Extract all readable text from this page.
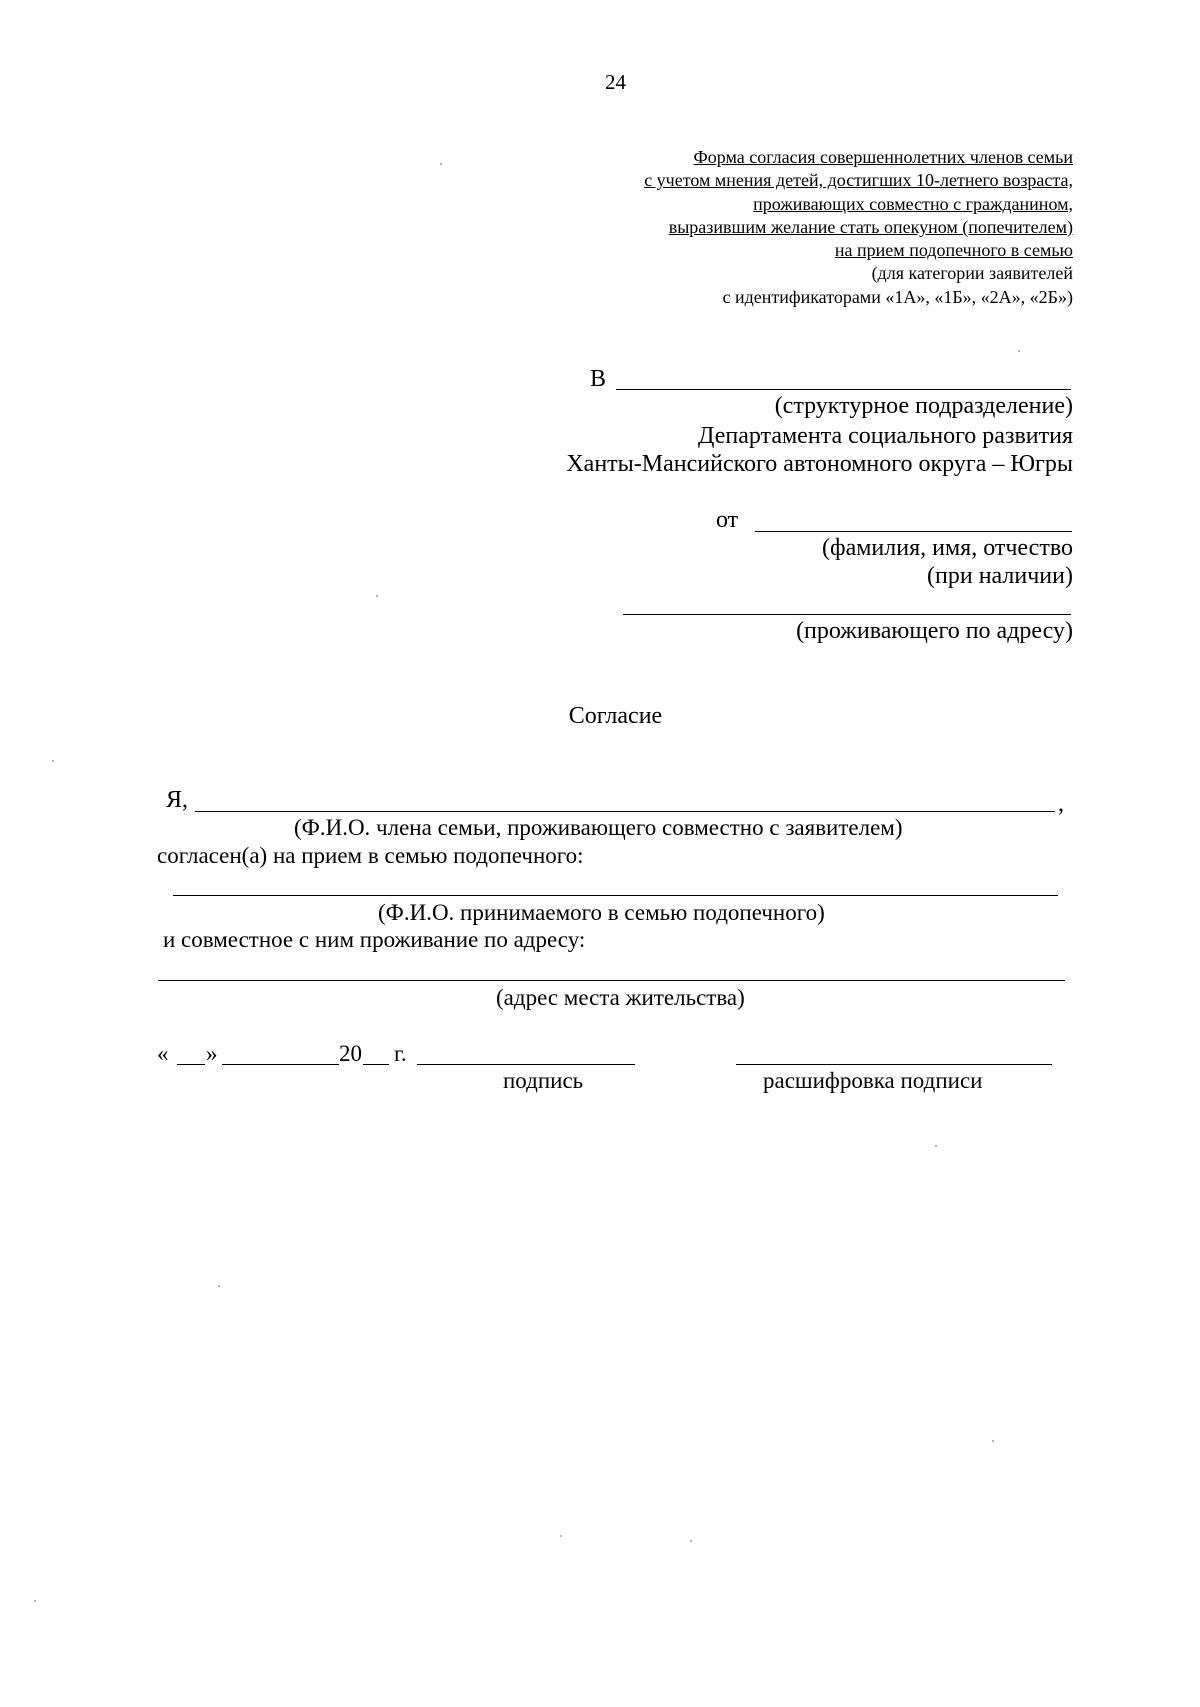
24
Форма согласия совершеннолетних членов семьи
с учетом мнения детей, достигших 10-летнего возраста,
проживающих совместно с гражданином,
выразившим желание стать опекуном (попечителем)
на прием подопечного в семью
(для категории заявителей
с идентификаторами «1А», «1Б», «2А», «2Б»)
В
(структурное подразделение)
Департамента социального развития
Ханты-Мансийского автономного округа – Югры
от
(фамилия, имя, отчество
(при наличии)
(проживающего по адресу)
Согласие
Я,	,
(Ф.И.О. члена семьи, проживающего совместно с заявителем)
согласен(а) на прием в семью подопечного:
(Ф.И.О. принимаемого в семью подопечного)
и совместное с ним проживание по адресу:
(адрес места жительства)
« »	20 г.
подпись	расшифровка подписи
